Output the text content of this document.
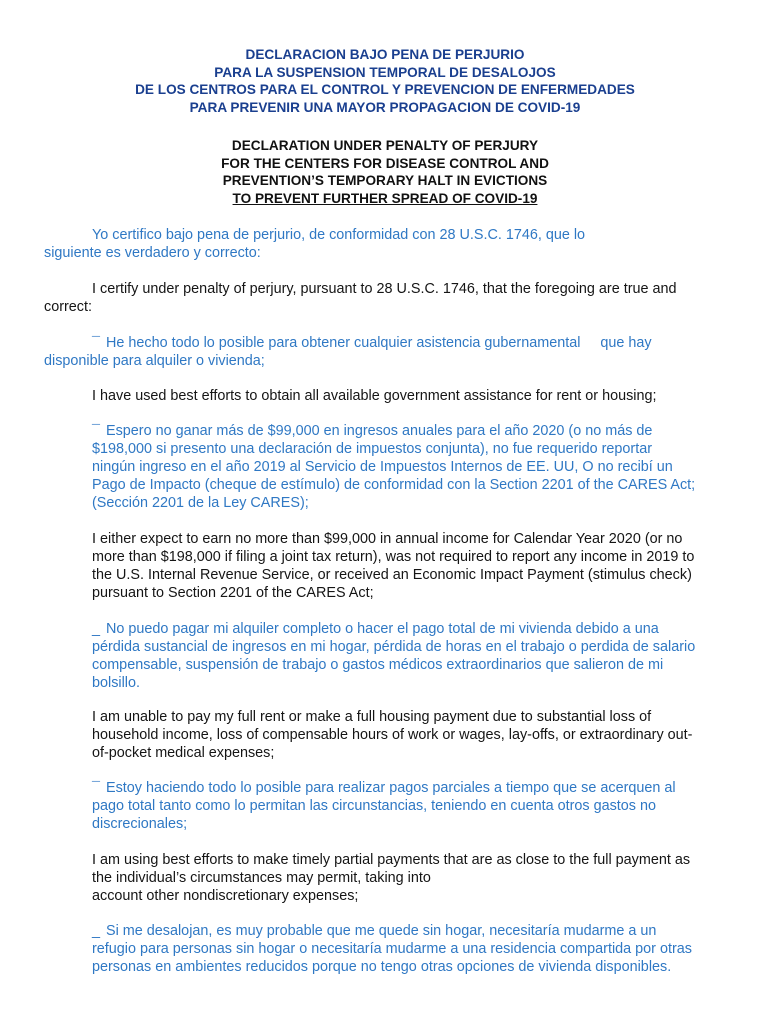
DECLARACION BAJO PENA DE PERJURIO
PARA LA SUSPENSION TEMPORAL DE DESALOJOS
DE LOS CENTROS PARA EL CONTROL Y PREVENCION DE ENFERMEDADES
PARA PREVENIR UNA MAYOR PROPAGACION DE COVID-19
DECLARATION UNDER PENALTY OF PERJURY
FOR THE CENTERS FOR DISEASE CONTROL AND
PREVENTION’S TEMPORARY HALT IN EVICTIONS
TO PREVENT FURTHER SPREAD OF COVID-19
Yo certifico bajo pena de perjurio, de conformidad con 28 U.S.C. 1746, que lo
siguiente es verdadero y correcto:
I certify under penalty of perjury, pursuant to 28 U.S.C. 1746, that the foregoing are true and
correct:
¯ He hecho todo lo posible para obtener cualquier asistencia gubernamental     que hay
disponible para alquiler o vivienda;
I have used best efforts to obtain all available government assistance for rent or housing;
¯ Espero no ganar más de $99,000 en ingresos anuales para el año 2020 (o no más de
$198,000 si presento una declaración de impuestos conjunta), no fue requerido reportar
ningún ingreso en el año 2019 al Servicio de Impuestos Internos de EE. UU, O no recibí un
Pago de Impacto (cheque de estímulo) de conformidad con la Section 2201 of the CARES Act;
(Sección 2201 de la Ley CARES);
I either expect to earn no more than $99,000 in annual income for Calendar Year 2020 (or no
more than $198,000 if filing a joint tax return), was not required to report any income in 2019 to
the U.S. Internal Revenue Service, or received an Economic Impact Payment (stimulus check)
pursuant to Section 2201 of the CARES Act;
_ No puedo pagar mi alquiler completo o hacer el pago total de mi vivienda debido a una
pérdida sustancial de ingresos en mi hogar, pérdida de horas en el trabajo o perdida de salario
compensable, suspensión de trabajo o gastos médicos extraordinarios que salieron de mi
bolsillo.
I am unable to pay my full rent or make a full housing payment due to substantial loss of
household income, loss of compensable hours of work or wages, lay-offs, or extraordinary out-
of-pocket medical expenses;
¯ Estoy haciendo todo lo posible para realizar pagos parciales a tiempo que se acerquen al
pago total tanto como lo permitan las circunstancias, teniendo en cuenta otros gastos no
discrecionales;
I am using best efforts to make timely partial payments that are as close to the full payment as
the individual’s circumstances may permit, taking into
account other nondiscretionary expenses;
_ Si me desalojan, es muy probable que me quede sin hogar, necesitaría mudarme a un
refugio para personas sin hogar o necesitaría mudarme a una residencia compartida por otras
personas en ambientes reducidos porque no tengo otras opciones de vivienda disponibles.
